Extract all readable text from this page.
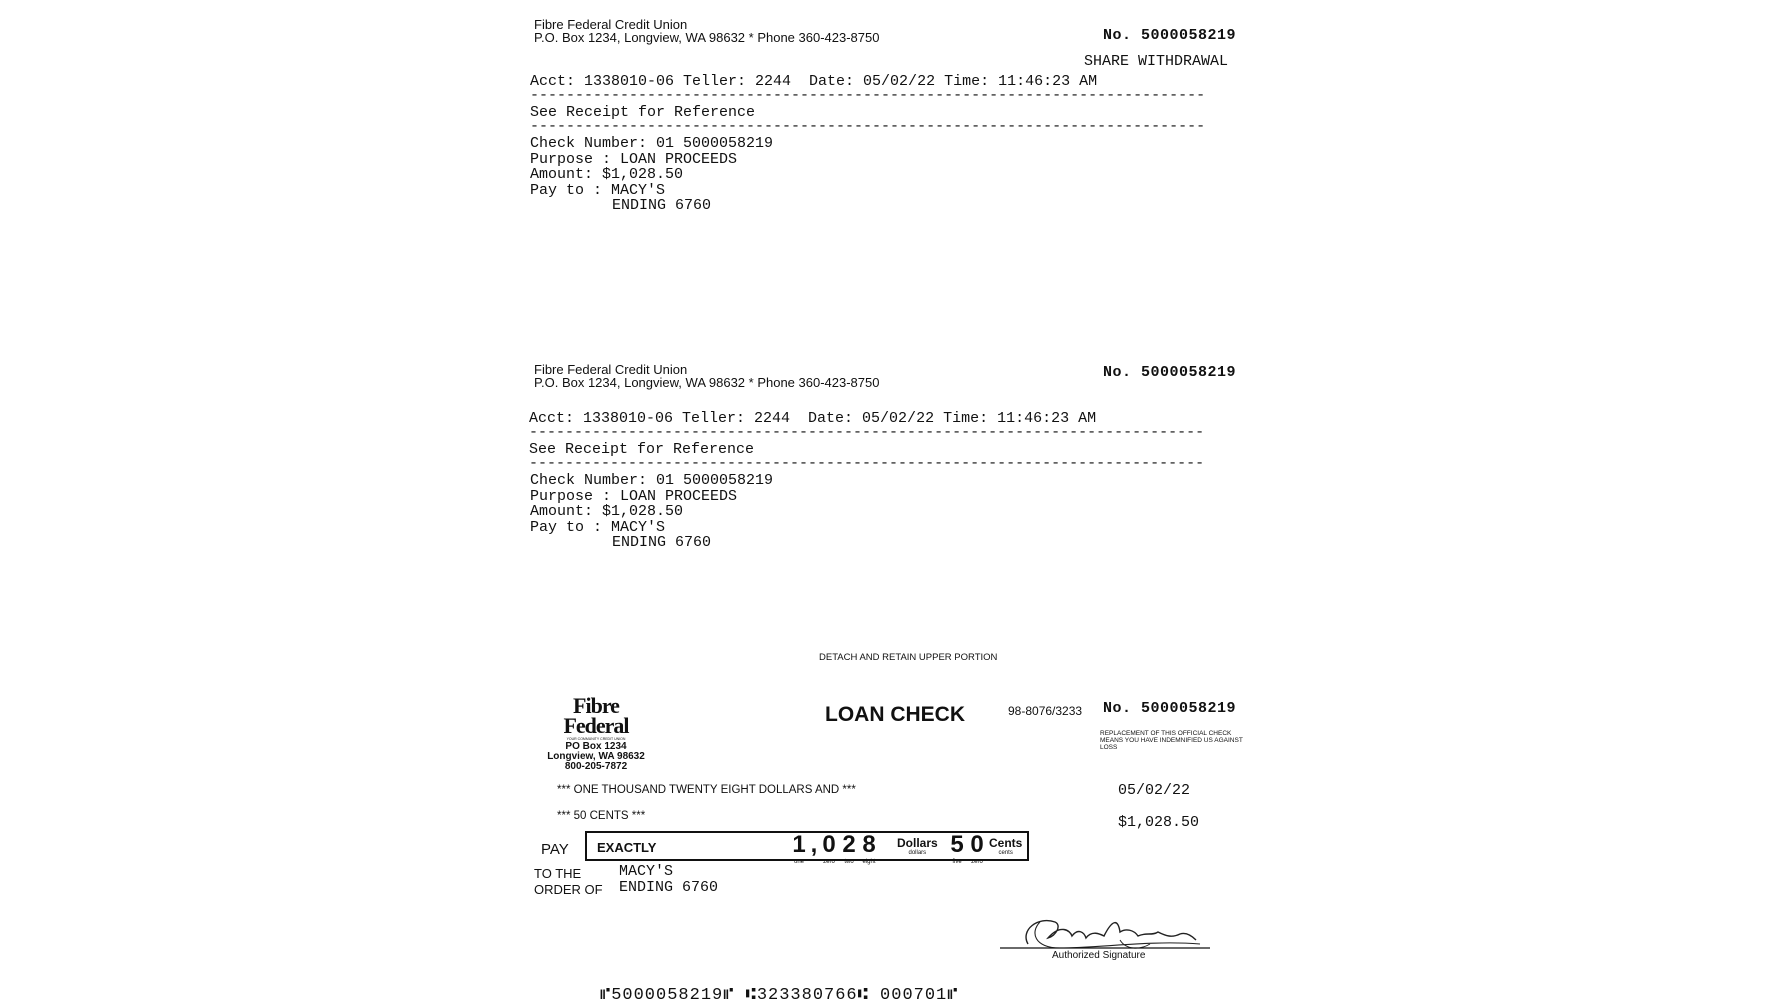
Fibre Federal Credit Union
P.O. Box 1234, Longview, WA 98632 * Phone 360-423-8750	No. 5000058219
SHARE WITHDRAWAL
Acct: 1338010-06 Teller: 2244  Date: 05/02/22 Time: 11:46:23 AM
---------------------------------------------------------------------------
See Receipt for Reference
---------------------------------------------------------------------------
Check Number: 01 5000058219
Purpose : LOAN PROCEEDS
Amount: $1,028.50
Pay to : MACY'S
ENDING 6760
Fibre Federal Credit Union
P.O. Box 1234, Longview, WA 98632 * Phone 360-423-8750
No. 5000058219
Acct: 1338010-06 Teller: 2244  Date: 05/02/22 Time: 11:46:23 AM
---------------------------------------------------------------------------
See Receipt for Reference
---------------------------------------------------------------------------
Check Number: 01 5000058219
Purpose : LOAN PROCEEDS
Amount: $1,028.50
Pay to : MACY'S
ENDING 6760
DETACH AND RETAIN UPPER PORTION
Fibre
Federal
YOUR COMMUNITY CREDIT UNION
PO Box 1234
Longview, WA 98632
800-205-7872
LOAN CHECK	98-8076/3233 No. 5000058219
REPLACEMENT OF THIS OFFICIAL CHECK MEANS YOU HAVE INDEMNIFIED US AGAINST LOSS
*** ONE THOUSAND TWENTY EIGHT DOLLARS AND ***	05/02/22
*** 50 CENTS ***	$1,028.50
PAY EXACTLY	1
one
, 0
zero
2
two
8
eight
Dollars
dollars	5
five
0
zero
Cents
cents
TO THE
ORDER OF
MACY'S
ENDING 6760
Authorized Signature
⑈5000058219⑈ ⑆323380766⑆ 000701⑈
